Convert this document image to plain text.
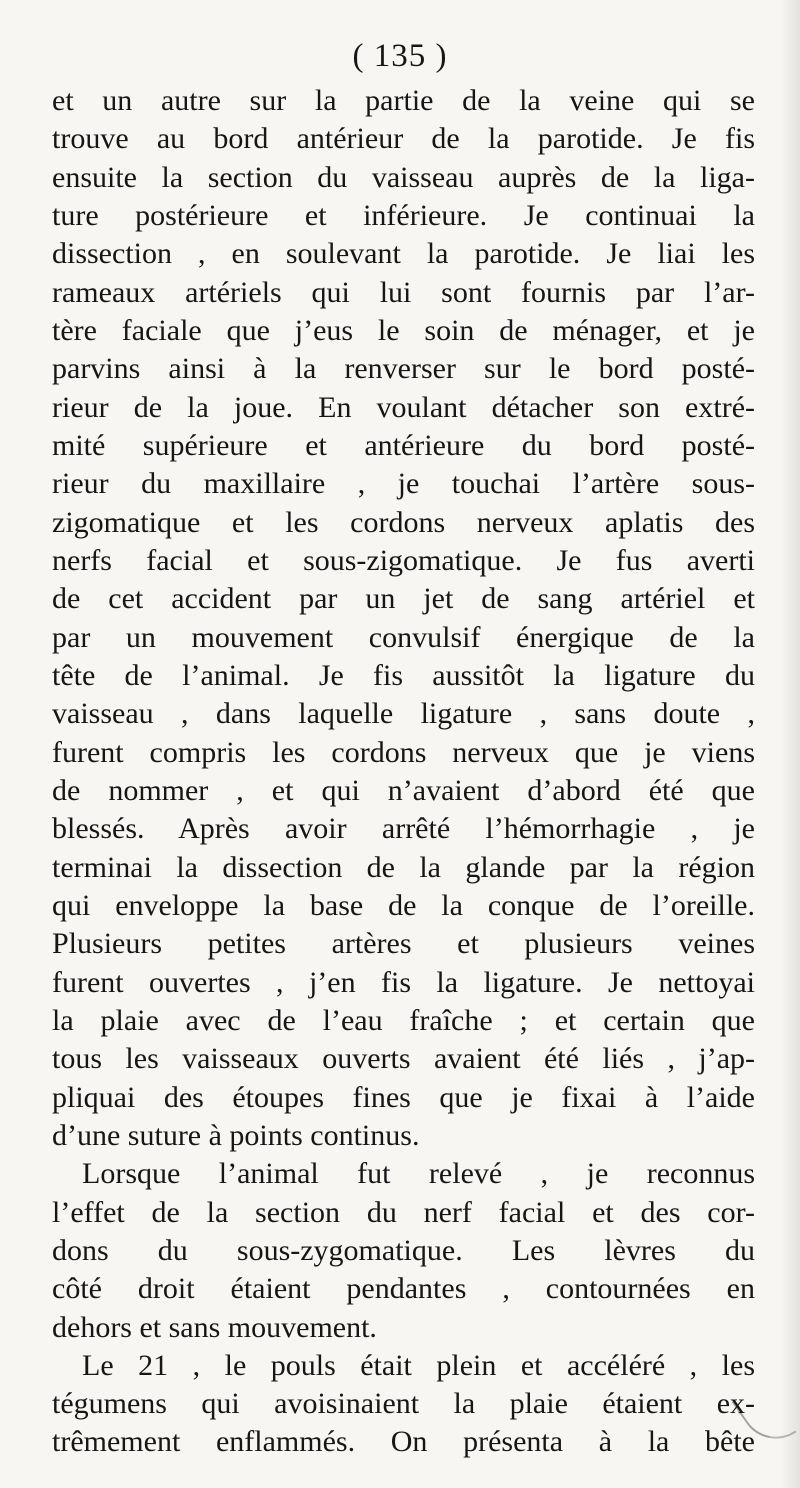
( 135 )
et un autre sur la partie de la veine qui se
trouve au bord antérieur de la parotide. Je fis
ensuite la section du vaisseau auprès de la liga-
ture postérieure et inférieure. Je continuai la
dissection , en soulevant la parotide. Je liai les
rameaux artériels qui lui sont fournis par l’ar-
tère faciale que j’eus le soin de ménager, et je
parvins ainsi à la renverser sur le bord posté-
rieur de la joue. En voulant détacher son extré-
mité supérieure et antérieure du bord posté-
rieur du maxillaire , je touchai l’artère sous-
zigomatique et les cordons nerveux aplatis des
nerfs facial et sous-zigomatique. Je fus averti
de cet accident par un jet de sang artériel et
par un mouvement convulsif énergique de la
tête de l’animal. Je fis aussitôt la ligature du
vaisseau , dans laquelle ligature , sans doute ,
furent compris les cordons nerveux que je viens
de nommer , et qui n’avaient d’abord été que
blessés. Après avoir arrêté l’hémorrhagie , je
terminai la dissection de la glande par la région
qui enveloppe la base de la conque de l’oreille.
Plusieurs petites artères et plusieurs veines
furent ouvertes , j’en fis la ligature. Je nettoyai
la plaie avec de l’eau fraîche ; et certain que
tous les vaisseaux ouverts avaient été liés , j’ap-
pliquai des étoupes fines que je fixai à l’aide
d’une suture à points continus.
Lorsque l’animal fut relevé , je reconnus
l’effet de la section du nerf facial et des cor-
dons du sous-zygomatique. Les lèvres du
côté droit étaient pendantes , contournées en
dehors et sans mouvement.
Le 21 , le pouls était plein et accéléré , les
tégumens qui avoisinaient la plaie étaient ex-
trêmement enflammés. On présenta à la bête
